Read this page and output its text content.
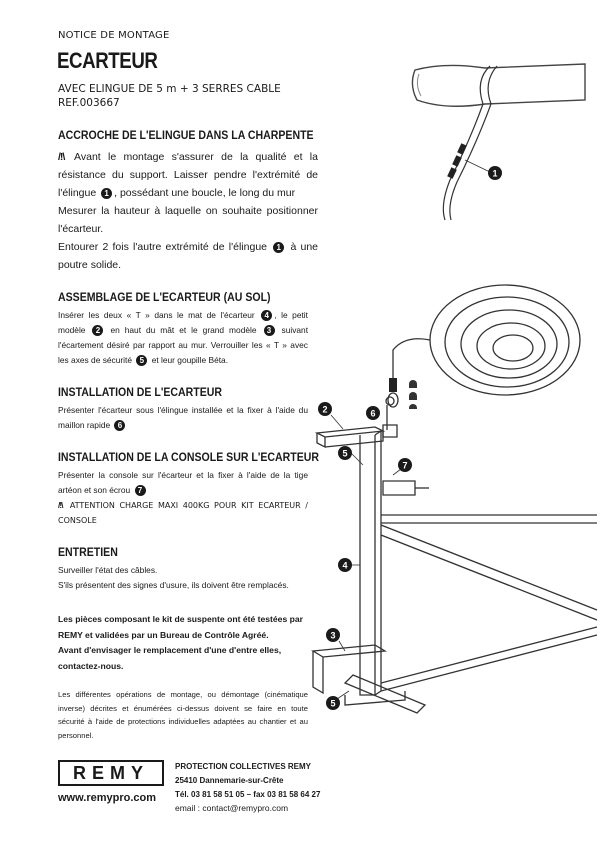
NOTICE DE MONTAGE
ECARTEUR
AVEC ELINGUE DE 5 m + 3 SERRES CABLE
REF.003667
ACCROCHE DE L'ELINGUE DANS LA CHARPENTE
/!\ Avant le montage s'assurer de la qualité et la résistance du support. Laisser pendre l'extrémité de l'élingue 1 , possédant une boucle, le long du mur
Mesurer la hauteur à laquelle on souhaite positionner l'écarteur.
Entourer 2 fois l'autre extrémité de l'élingue 1 à une poutre solide.
ASSEMBLAGE DE L'ECARTEUR (AU SOL)
Insérer les deux « T » dans le mat de l'écarteur 4 , le petit modèle 2 en haut du mât et le grand modèle 3 suivant l'écartement désiré par rapport au mur. Verrouiller les « T » avec les axes de sécurité 5 et leur goupille Béta.
INSTALLATION DE L'ECARTEUR
Présenter l'écarteur sous l'élingue installée et la fixer à l'aide du maillon rapide 6
INSTALLATION DE LA CONSOLE SUR L'ECARTEUR
Présenter la console sur l'écarteur et la fixer à l'aide de la tige artéon et son écrou 7
/!\ ATTENTION CHARGE MAXI 400KG POUR KIT ECARTEUR / CONSOLE
ENTRETIEN
Surveiller l'état des câbles.
S'ils présentent des signes d'usure, ils doivent être remplacés.
Les pièces composant le kit de suspente ont été testées par REMY et validées par un Bureau de Contrôle Agréé.
Avant d'envisager le remplacement d'une d'entre elles, contactez-nous.
Les différentes opérations de montage, ou démontage (cinématique inverse) décrites et énumérées ci-dessus doivent se faire en toute sécurité à l'aide de protections individuelles adaptées au chantier et au personnel.
REMY
www.remypro.com
PROTECTION COLLECTIVES REMY
25410 Dannemarie-sur-Crête
Tél. 03 81 58 51 05 – fax 03 81 58 64 27
email : contact@remypro.com
1
2	6
5
7
4
3
5
